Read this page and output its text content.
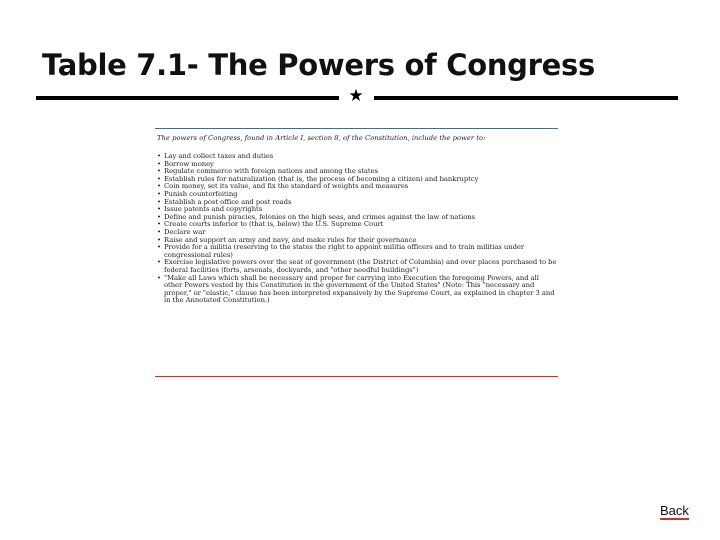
Table 7.1- The Powers of Congress
★
The powers of Congress, found in Article I, section 8, of the Constitution, include the power to:
• Lay and collect taxes and duties
• Borrow money
• Regulate commerce with foreign nations and among the states
• Establish rules for naturalization (that is, the process of becoming a citizen) and bankruptcy
• Coin money, set its value, and fix the standard of weights and measures
• Punish counterfeiting
• Establish a post office and post roads
• Issue patents and copyrights
• Define and punish piracies, felonies on the high seas, and crimes against the law of nations
• Create courts inferior to (that is, below) the U.S. Supreme Court
• Declare war
• Raise and support an army and navy, and make rules for their governance
• Provide for a militia (reserving to the states the right to appoint militia officers and to train militias under congressional rules)
• Exercise legislative powers over the seat of government (the District of Columbia) and over places purchased to be federal facilities (forts, arsenals, dockyards, and "other needful buildings")
• "Make all Laws which shall be necessary and proper for carrying into Execution the foregoing Powers, and all other Powers vested by this Constitution in the government of the United States" (Note: This "necessary and proper," or "elastic," clause has been interpreted expansively by the Supreme Court, as explained in chapter 3 and in the Annotated Constitution.)
Back
